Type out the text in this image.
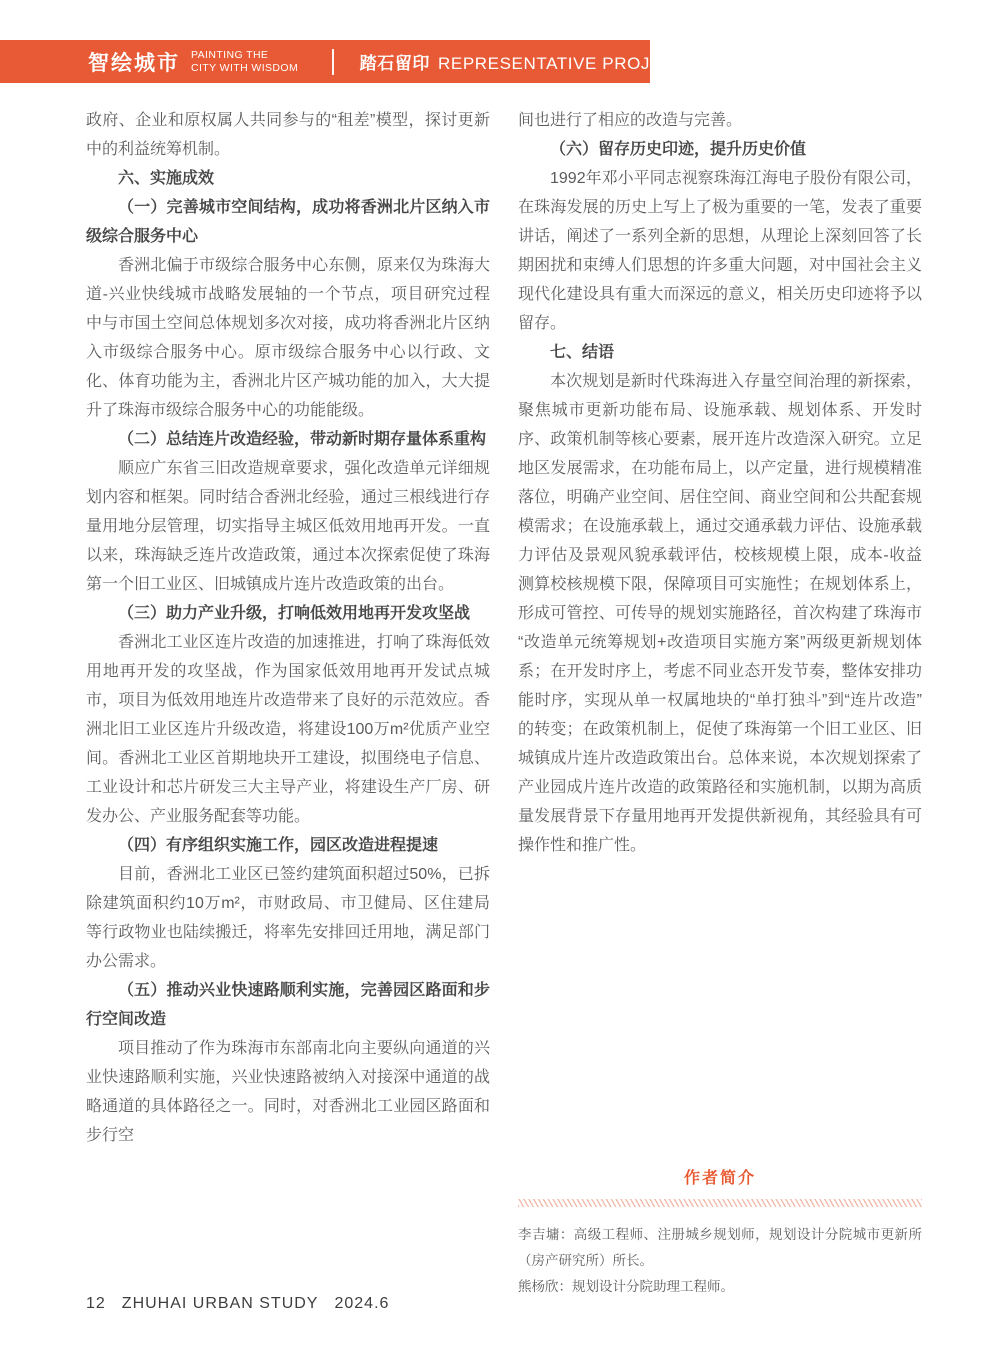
智绘城市 PAINTING THE
CITY WITH WISDOM	踏石留印 REPRESENTATIVE PROJECTS

政府、企业和原权属人共同参与的“租差”模型，探讨更新中的利益统筹机制。

六、实施成效

（一）完善城市空间结构，成功将香洲北片区纳入市级综合服务中心

香洲北偏于市级综合服务中心东侧，原来仅为珠海大道-兴业快线城市战略发展轴的一个节点，项目研究过程中与市国土空间总体规划多次对接，成功将香洲北片区纳入市级综合服务中心。原市级综合服务中心以行政、文化、体育功能为主，香洲北片区产城功能的加入，大大提升了珠海市级综合服务中心的功能能级。

（二）总结连片改造经验，带动新时期存量体系重构

顺应广东省三旧改造规章要求，强化改造单元详细规划内容和框架。同时结合香洲北经验，通过三根线进行存量用地分层管理，切实指导主城区低效用地再开发。一直以来，珠海缺乏连片改造政策，通过本次探索促使了珠海第一个旧工业区、旧城镇成片连片改造政策的出台。

（三）助力产业升级，打响低效用地再开发攻坚战

香洲北工业区连片改造的加速推进，打响了珠海低效用地再开发的攻坚战，作为国家低效用地再开发试点城市，项目为低效用地连片改造带来了良好的示范效应。香洲北旧工业区连片升级改造，将建设100万m²优质产业空间。香洲北工业区首期地块开工建设，拟围绕电子信息、工业设计和芯片研发三大主导产业，将建设生产厂房、研发办公、产业服务配套等功能。

（四）有序组织实施工作，园区改造进程提速

目前，香洲北工业区已签约建筑面积超过50%，已拆除建筑面积约10万m²，市财政局、市卫健局、区住建局等行政物业也陆续搬迁，将率先安排回迁用地，满足部门办公需求。

（五）推动兴业快速路顺利实施，完善园区路面和步行空间改造

项目推动了作为珠海市东部南北向主要纵向通道的兴业快速路顺利实施，兴业快速路被纳入对接深中通道的战略通道的具体路径之一。同时，对香洲北工业园区路面和步行空

间也进行了相应的改造与完善。

（六）留存历史印迹，提升历史价值

1992年邓小平同志视察珠海江海电子股份有限公司，在珠海发展的历史上写上了极为重要的一笔，发表了重要讲话，阐述了一系列全新的思想，从理论上深刻回答了长期困扰和束缚人们思想的许多重大问题，对中国社会主义现代化建设具有重大而深远的意义，相关历史印迹将予以留存。

七、结语

本次规划是新时代珠海进入存量空间治理的新探索，聚焦城市更新功能布局、设施承载、规划体系、开发时序、政策机制等核心要素，展开连片改造深入研究。立足地区发展需求，在功能布局上，以产定量，进行规模精准落位，明确产业空间、居住空间、商业空间和公共配套规模需求；在设施承载上，通过交通承载力评估、设施承载力评估及景观风貌承载评估，校核规模上限，成本-收益测算校核规模下限，保障项目可实施性；在规划体系上，形成可管控、可传导的规划实施路径，首次构建了珠海市“改造单元统筹规划+改造项目实施方案”两级更新规划体系；在开发时序上，考虑不同业态开发节奏，整体安排功能时序，实现从单一权属地块的“单打独斗”到“连片改造”的转变；在政策机制上，促使了珠海第一个旧工业区、旧城镇成片连片改造政策出台。总体来说，本次规划探索了产业园成片连片改造的政策路径和实施机制，以期为高质量发展背景下存量用地再开发提供新视角，其经验具有可操作性和推广性。

作者简介

李吉墉：高级工程师、注册城乡规划师，规划设计分院城市更新所（房产研究所）所长。

熊杨欣：规划设计分院助理工程师。

12 ZHUHAI URBAN STUDY 2024.6
